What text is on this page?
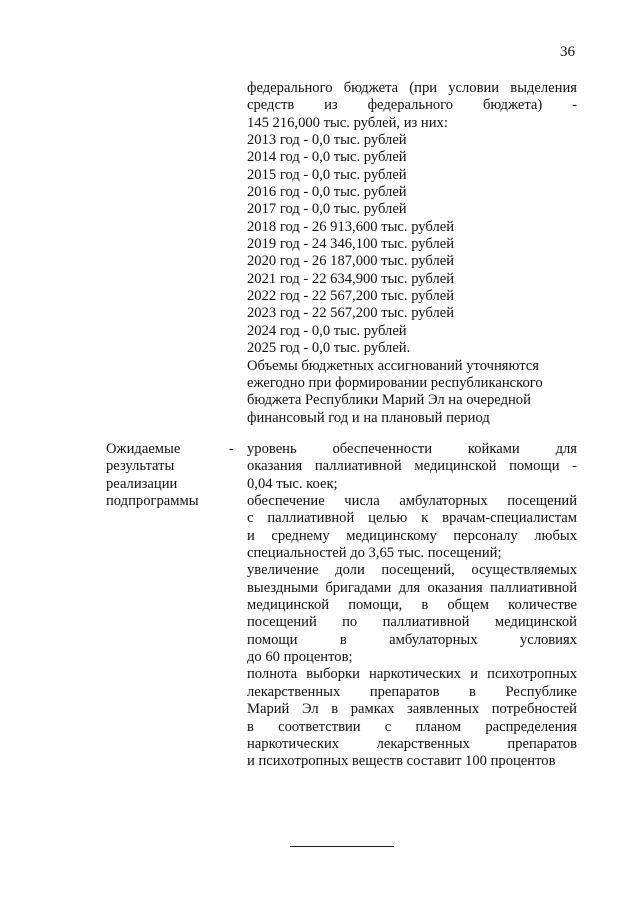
36
федерального бюджета (при условии выделения
средств из федерального бюджета) -
145 216,000 тыс. рублей, из них:
2013 год - 0,0 тыс. рублей
2014 год - 0,0 тыс. рублей
2015 год - 0,0 тыс. рублей
2016 год - 0,0 тыс. рублей
2017 год - 0,0 тыс. рублей
2018 год - 26 913,600 тыс. рублей
2019 год - 24 346,100 тыс. рублей
2020 год - 26 187,000 тыс. рублей
2021 год - 22 634,900 тыс. рублей
2022 год - 22 567,200 тыс. рублей
2023 год - 22 567,200 тыс. рублей
2024 год - 0,0 тыс. рублей
2025 год - 0,0 тыс. рублей.
Объемы бюджетных ассигнований уточняются
ежегодно при формировании республиканского
бюджета Республики Марий Эл на очередной
финансовый год и на плановый период
Ожидаемые
результаты
реализации
подпрограммы
- уровень обеспеченности койками для
оказания паллиативной медицинской помощи -
0,04 тыс. коек;
обеспечение числа амбулаторных посещений
с паллиативной целью к врачам-специалистам
и среднему медицинскому персоналу любых
специальностей до 3,65 тыс. посещений;
увеличение доли посещений, осуществляемых
выездными бригадами для оказания паллиативной
медицинской помощи, в общем количестве
посещений по паллиативной медицинской
помощи в амбулаторных условиях
до 60 процентов;
полнота выборки наркотических и психотропных
лекарственных препаратов в Республике
Марий Эл в рамках заявленных потребностей
в соответствии с планом распределения
наркотических лекарственных препаратов
и психотропных веществ составит 100 процентов
